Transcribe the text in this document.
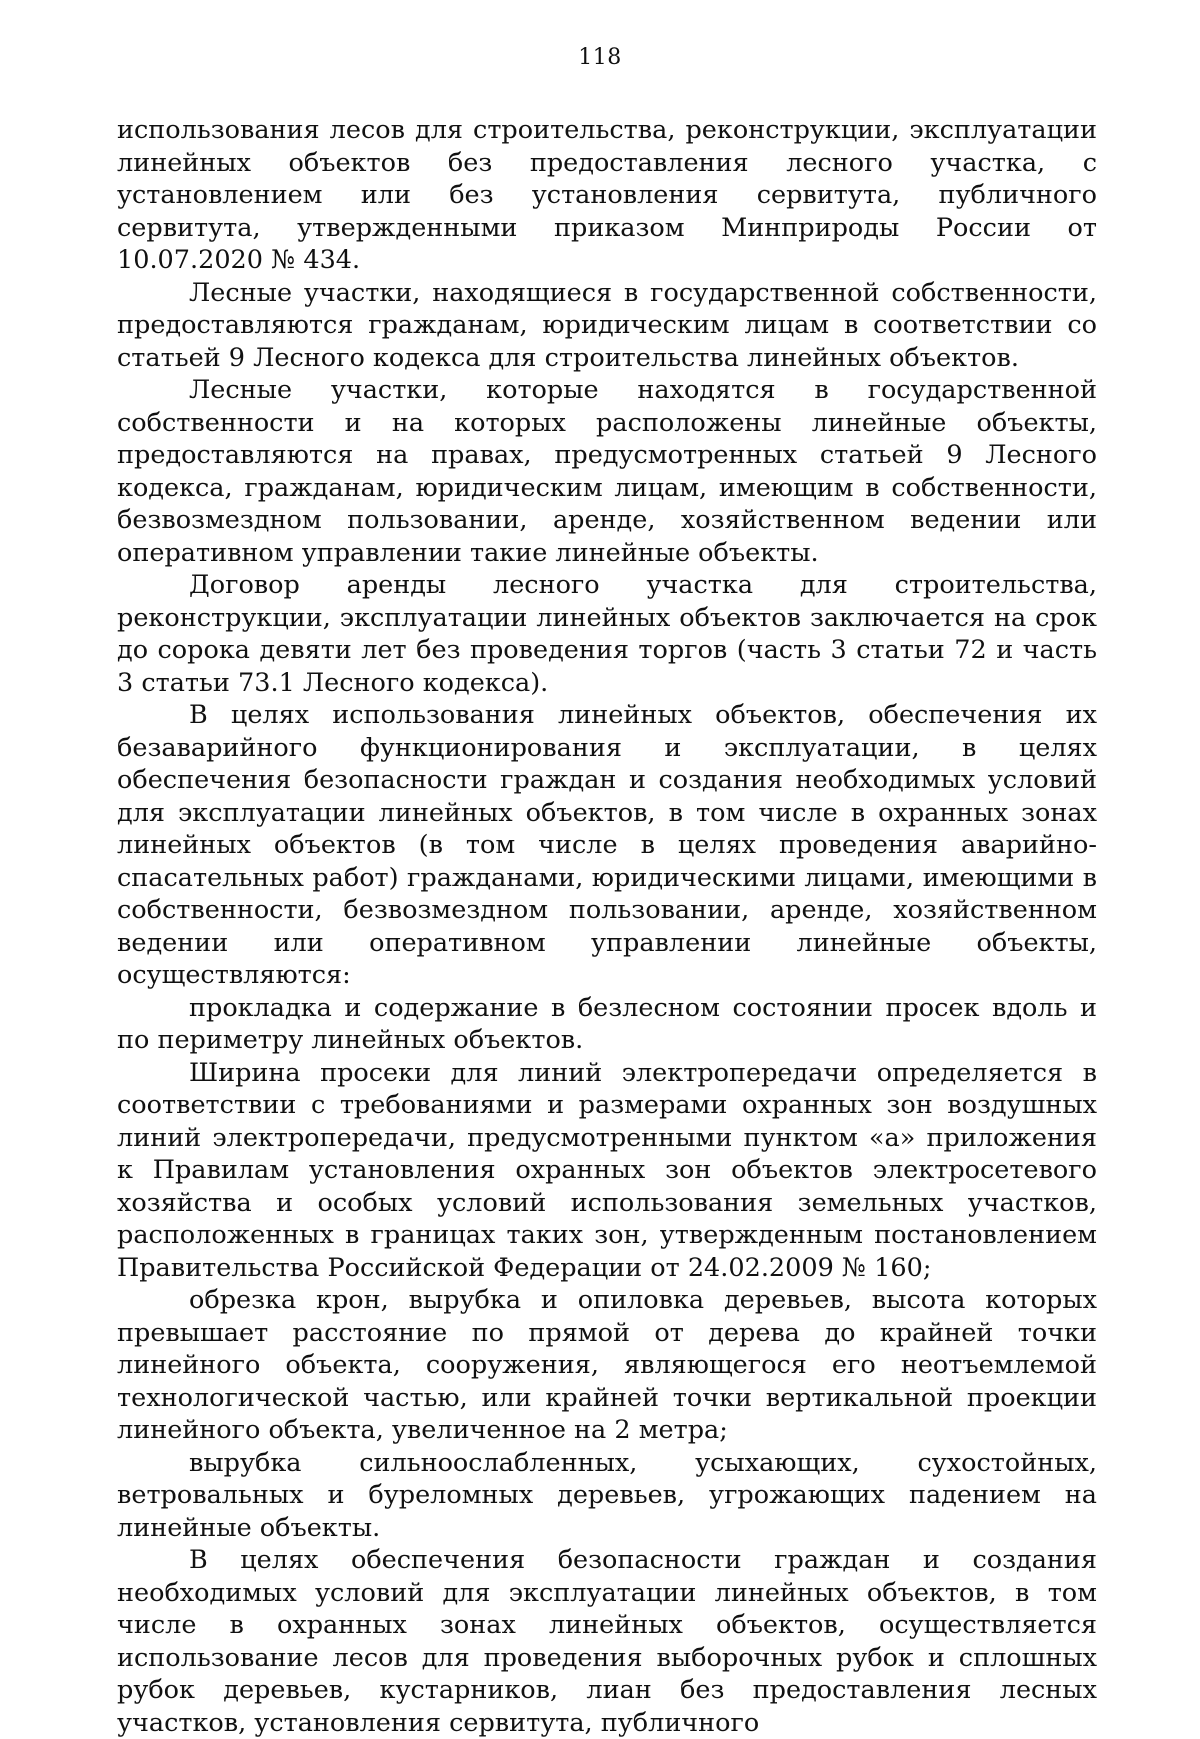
118

использования лесов для строительства, реконструкции, эксплуатации линейных объектов без предоставления лесного участка, с установлением или без установления сервитута, публичного сервитута, утвержденными приказом Минприроды России от 10.07.2020 № 434.

Лесные участки, находящиеся в государственной собственности, предоставляются гражданам, юридическим лицам в соответствии со статьей 9 Лесного кодекса для строительства линейных объектов.

Лесные участки, которые находятся в государственной собственности и на которых расположены линейные объекты, предоставляются на правах, предусмотренных статьей 9 Лесного кодекса, гражданам, юридическим лицам, имеющим в собственности, безвозмездном пользовании, аренде, хозяйственном ведении или оперативном управлении такие линейные объекты.

Договор аренды лесного участка для строительства, реконструкции, эксплуатации линейных объектов заключается на срок до сорока девяти лет без проведения торгов (часть 3 статьи 72 и часть 3 статьи 73.1 Лесного кодекса).

В целях использования линейных объектов, обеспечения их безаварийного функционирования и эксплуатации, в целях обеспечения безопасности граждан и создания необходимых условий для эксплуатации линейных объектов, в том числе в охранных зонах линейных объектов (в том числе в целях проведения аварийно-спасательных работ) гражданами, юридическими лицами, имеющими в собственности, безвозмездном пользовании, аренде, хозяйственном ведении или оперативном управлении линейные объекты, осуществляются:

прокладка и содержание в безлесном состоянии просек вдоль и по периметру линейных объектов.

Ширина просеки для линий электропередачи определяется в соответствии с требованиями и размерами охранных зон воздушных линий электропередачи, предусмотренными пунктом «а» приложения к Правилам установления охранных зон объектов электросетевого хозяйства и особых условий использования земельных участков, расположенных в границах таких зон, утвержденным постановлением Правительства Российской Федерации от 24.02.2009 № 160;

обрезка крон, вырубка и опиловка деревьев, высота которых превышает расстояние по прямой от дерева до крайней точки линейного объекта, сооружения, являющегося его неотъемлемой технологической частью, или крайней точки вертикальной проекции линейного объекта, увеличенное на 2 метра;

вырубка сильноослабленных, усыхающих, сухостойных, ветровальных и буреломных деревьев, угрожающих падением на линейные объекты.

В целях обеспечения безопасности граждан и создания необходимых условий для эксплуатации линейных объектов, в том числе в охранных зонах линейных объектов, осуществляется использование лесов для проведения выборочных рубок и сплошных рубок деревьев, кустарников, лиан без предоставления лесных участков, установления сервитута, публичного
